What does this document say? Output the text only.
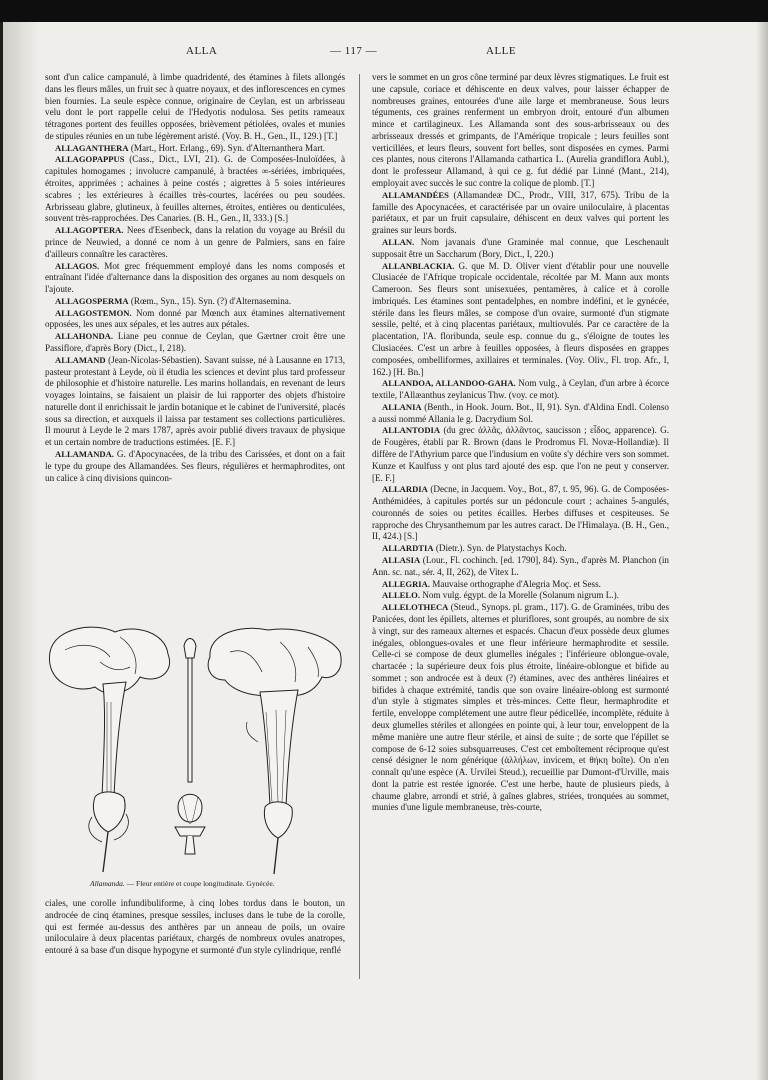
ALLA	— 117 —	ALLE

sont d'un calice campanulé, à limbe quadridenté, des étamines à filets allongés dans les fleurs mâles, un fruit sec à quatre noyaux, et des inflorescences en cymes bien fournies. La seule espèce connue, originaire de Ceylan, est un arbrisseau velu dont le port rappelle celui de l'Hedyotis nodulosa. Ses petits rameaux tétragones portent des feuilles opposées, brièvement pétiolées, ovales et munies de stipules réunies en un tube légèrement aristé. (Voy. B. H., Gen., II., 129.) [T.]

ALLAGANTHERA (Mart., Hort. Erlang., 69). Syn. d'Alternanthera Mart.

ALLAGOPAPPUS (Cass., Dict., LVI, 21). G. de Composées-Inuloïdées, à capitules homogames ; involucre campanulé, à bractées ∞-sériées, imbriquées, étroites, apprimées ; achaines à peine costés ; aigrettes à 5 soies intérieures scabres ; les extérieures à écailles très-courtes, lacérées ou peu soudées. Arbrisseau glabre, glutineux, à feuilles alternes, étroites, entières ou denticulées, souvent très-rapprochées. Des Canaries. (B. H., Gen., II, 333.) [S.]

ALLAGOPTERA. Nees d'Esenbeck, dans la relation du voyage au Brésil du prince de Neuwied, a donné ce nom à un genre de Palmiers, sans en faire d'ailleurs connaître les caractères.

ALLAGOS. Mot grec fréquemment employé dans les noms composés et entraînant l'idée d'alternance dans la disposition des organes au nom desquels on l'ajoute.

ALLAGOSPERMA (Rœm., Syn., 15). Syn. (?) d'Alternasemina.

ALLAGOSTEMON. Nom donné par Mœnch aux étamines alternativement opposées, les unes aux sépales, et les autres aux pétales.

ALLAHONDA. Liane peu connue de Ceylan, que Gærtner croit être une Passiflore, d'après Bory (Dict., I, 218).

ALLAMAND (Jean-Nicolas-Sébastien). Savant suisse, né à Lausanne en 1713, pasteur protestant à Leyde, où il étudia les sciences et devint plus tard professeur de philosophie et d'histoire naturelle. Les marins hollandais, en revenant de leurs voyages lointains, se faisaient un plaisir de lui rapporter des objets d'histoire naturelle dont il enrichissait le jardin botanique et le cabinet de l'université, placés sous sa direction, et auxquels il laissa par testament ses collections particulières. Il mourut à Leyde le 2 mars 1787, après avoir publié divers travaux de physique et un certain nombre de traductions estimées. [E. F.]

ALLAMANDA. G. d'Apocynacées, de la tribu des Carissées, et dont on a fait le type du groupe des Allamandées. Ses fleurs, régulières et hermaphrodites, ont un calice à cinq divisions quincon-

Allamanda. — Fleur entière et coupe longitudinale. Gynécée.

ciales, une corolle infundibuliforme, à cinq lobes tordus dans le bouton, un androcée de cinq étamines, presque sessiles, incluses dans le tube de la corolle, qui est fermée au-dessus des anthères par un anneau de poils, un ovaire uniloculaire à deux placentas pariétaux, chargés de nombreux ovules anatropes, entouré à sa base d'un disque hypogyne et surmonté d'un style cylindrique, renflé

vers le sommet en un gros cône terminé par deux lèvres stigmatiques. Le fruit est une capsule, coriace et déhiscente en deux valves, pour laisser échapper de nombreuses graines, entourées d'une aile large et membraneuse. Sous leurs téguments, ces graines renferment un embryon droit, entouré d'un albumen mince et cartilagineux. Les Allamanda sont des sous-arbrisseaux ou des arbrisseaux dressés et grimpants, de l'Amérique tropicale ; leurs feuilles sont verticillées, et leurs fleurs, souvent fort belles, sont disposées en cymes. Parmi ces plantes, nous citerons l'Allamanda cathartica L. (Aurelia grandiflora Aubl.), dont le professeur Allamand, à qui ce g. fut dédié par Linné (Mant., 214), employait avec succès le suc contre la colique de plomb. [T.]

ALLAMANDÉES (Allamandeæ DC., Prodr., VIII, 317, 675). Tribu de la famille des Apocynacées, et caractérisée par un ovaire uniloculaire, à placentas pariétaux, et par un fruit capsulaire, déhiscent en deux valves qui portent les graines sur leurs bords.

ALLAN. Nom javanais d'une Graminée mal connue, que Leschenault supposait être un Saccharum (Bory, Dict., I, 220.)

ALLANBLACKIA. G. que M. D. Oliver vient d'établir pour une nouvelle Clusiacée de l'Afrique tropicale occidentale, récoltée par M. Mann aux monts Cameroon. Ses fleurs sont unisexuées, pentamères, à calice et à corolle imbriqués. Les étamines sont pentadelphes, en nombre indéfini, et le gynécée, stérile dans les fleurs mâles, se compose d'un ovaire, surmonté d'un stigmate sessile, pelté, et à cinq placentas pariétaux, multiovulés. Par ce caractère de la placentation, l'A. floribunda, seule esp. connue du g., s'éloigne de toutes les Clusiacées. C'est un arbre à feuilles opposées, à fleurs disposées en grappes composées, ombelliformes, axillaires et terminales. (Voy. Oliv., Fl. trop. Afr., I, 162.) [H. Bn.]

ALLANDOA, ALLANDOO-GAHA. Nom vulg., à Ceylan, d'un arbre à écorce textile, l'Allæanthus zeylanicus Thw. (voy. ce mot).

ALLANIA (Benth., in Hook. Journ. Bot., II, 91). Syn. d'Aldina Endl. Colenso a aussi nommé Allania le g. Dacrydium Sol.

ALLANTODIA (du grec ἀλλᾶς, ἀλλᾶντος, saucisson ; εἶδος, apparence). G. de Fougères, établi par R. Brown (dans le Prodromus Fl. Novæ-Hollandiæ). Il diffère de l'Athyrium parce que l'indusium en voûte s'y déchire vers son sommet. Kunze et Kaulfuss y ont plus tard ajouté des esp. que l'on ne peut y conserver. [E. F.]

ALLARDIA (Decne, in Jacquem. Voy., Bot., 87, t. 95, 96). G. de Composées-Anthémidées, à capitules portés sur un pédoncule court ; achaines 5-angulés, couronnés de soies ou petites écailles. Herbes diffuses et cespiteuses. Se rapproche des Chrysanthemum par les autres caract. De l'Himalaya. (B. H., Gen., II, 424.) [S.]

ALLARDTIA (Dietr.). Syn. de Platystachys Koch.

ALLASIA (Lour., Fl. cochinch. [ed. 1790], 84). Syn., d'après M. Planchon (in Ann. sc. nat., sér. 4, II, 262), de Vitex L.

ALLEGRIA. Mauvaise orthographe d'Alegria Moç. et Sess.

ALLELO. Nom vulg. égypt. de la Morelle (Solanum nigrum L.).

ALLELOTHECA (Steud., Synops. pl. gram., 117). G. de Graminées, tribu des Panicées, dont les épillets, alternes et pluriflores, sont groupés, au nombre de six à vingt, sur des rameaux alternes et espacés. Chacun d'eux possède deux glumes inégales, oblongues-ovales et une fleur inférieure hermaphrodite et sessile. Celle-ci se compose de deux glumelles inégales ; l'inférieure oblongue-ovale, chartacée ; la supérieure deux fois plus étroite, linéaire-oblongue et bifide au sommet ; son androcée est à deux (?) étamines, avec des anthères linéaires et bifides à chaque extrémité, tandis que son ovaire linéaire-oblong est surmonté d'un style à stigmates simples et très-minces. Cette fleur, hermaphrodite et fertile, enveloppe complétement une autre fleur pédicellée, incomplète, réduite à deux glumelles stériles et allongées en pointe qui, à leur tour, enveloppent de la même manière une autre fleur stérile, et ainsi de suite ; de sorte que l'épillet se compose de 6-12 soies subsquarreuses. C'est cet emboîtement réciproque qu'est censé désigner le nom générique (ἀλλήλων, invicem, et θήκη boîte). On n'en connaît qu'une espèce (A. Urvilei Steud.), recueillie par Dumont-d'Urville, mais dont la patrie est restée ignorée. C'est une herbe, haute de plusieurs pieds, à chaume glabre, arrondi et strié, à gaînes glabres, striées, tronquées au sommet, munies d'une ligule membraneuse, très-courte,
